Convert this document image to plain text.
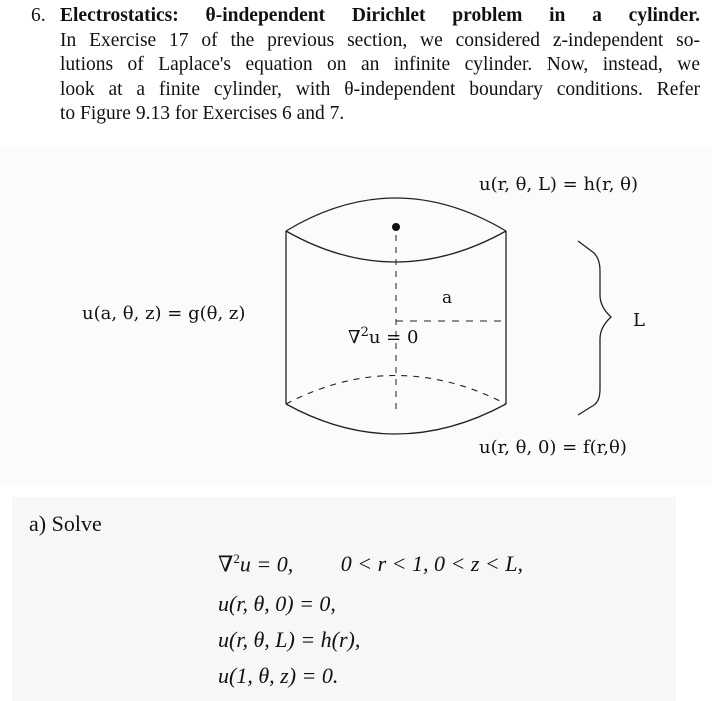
6. Electrostatics: θ-independent Dirichlet problem in a cylinder.
In Exercise 17 of the previous section, we considered z-independent so-
lutions of Laplace's equation on an infinite cylinder. Now, instead, we
look at a finite cylinder, with θ-independent boundary conditions. Refer
to Figure 9.13 for Exercises 6 and 7.
u(r, θ, L) = h(r, θ)
u(a, θ, z) = g(θ, z)
∇$^2$u = 0
a
L
u(r, θ, 0) = f(r,θ)
a) Solve
∇$^2$u = 0, 0 < r < 1, 0 < z < L,
u(r, θ, 0) = 0,
u(r, θ, L) = h(r),
u(1, θ, z) = 0.
